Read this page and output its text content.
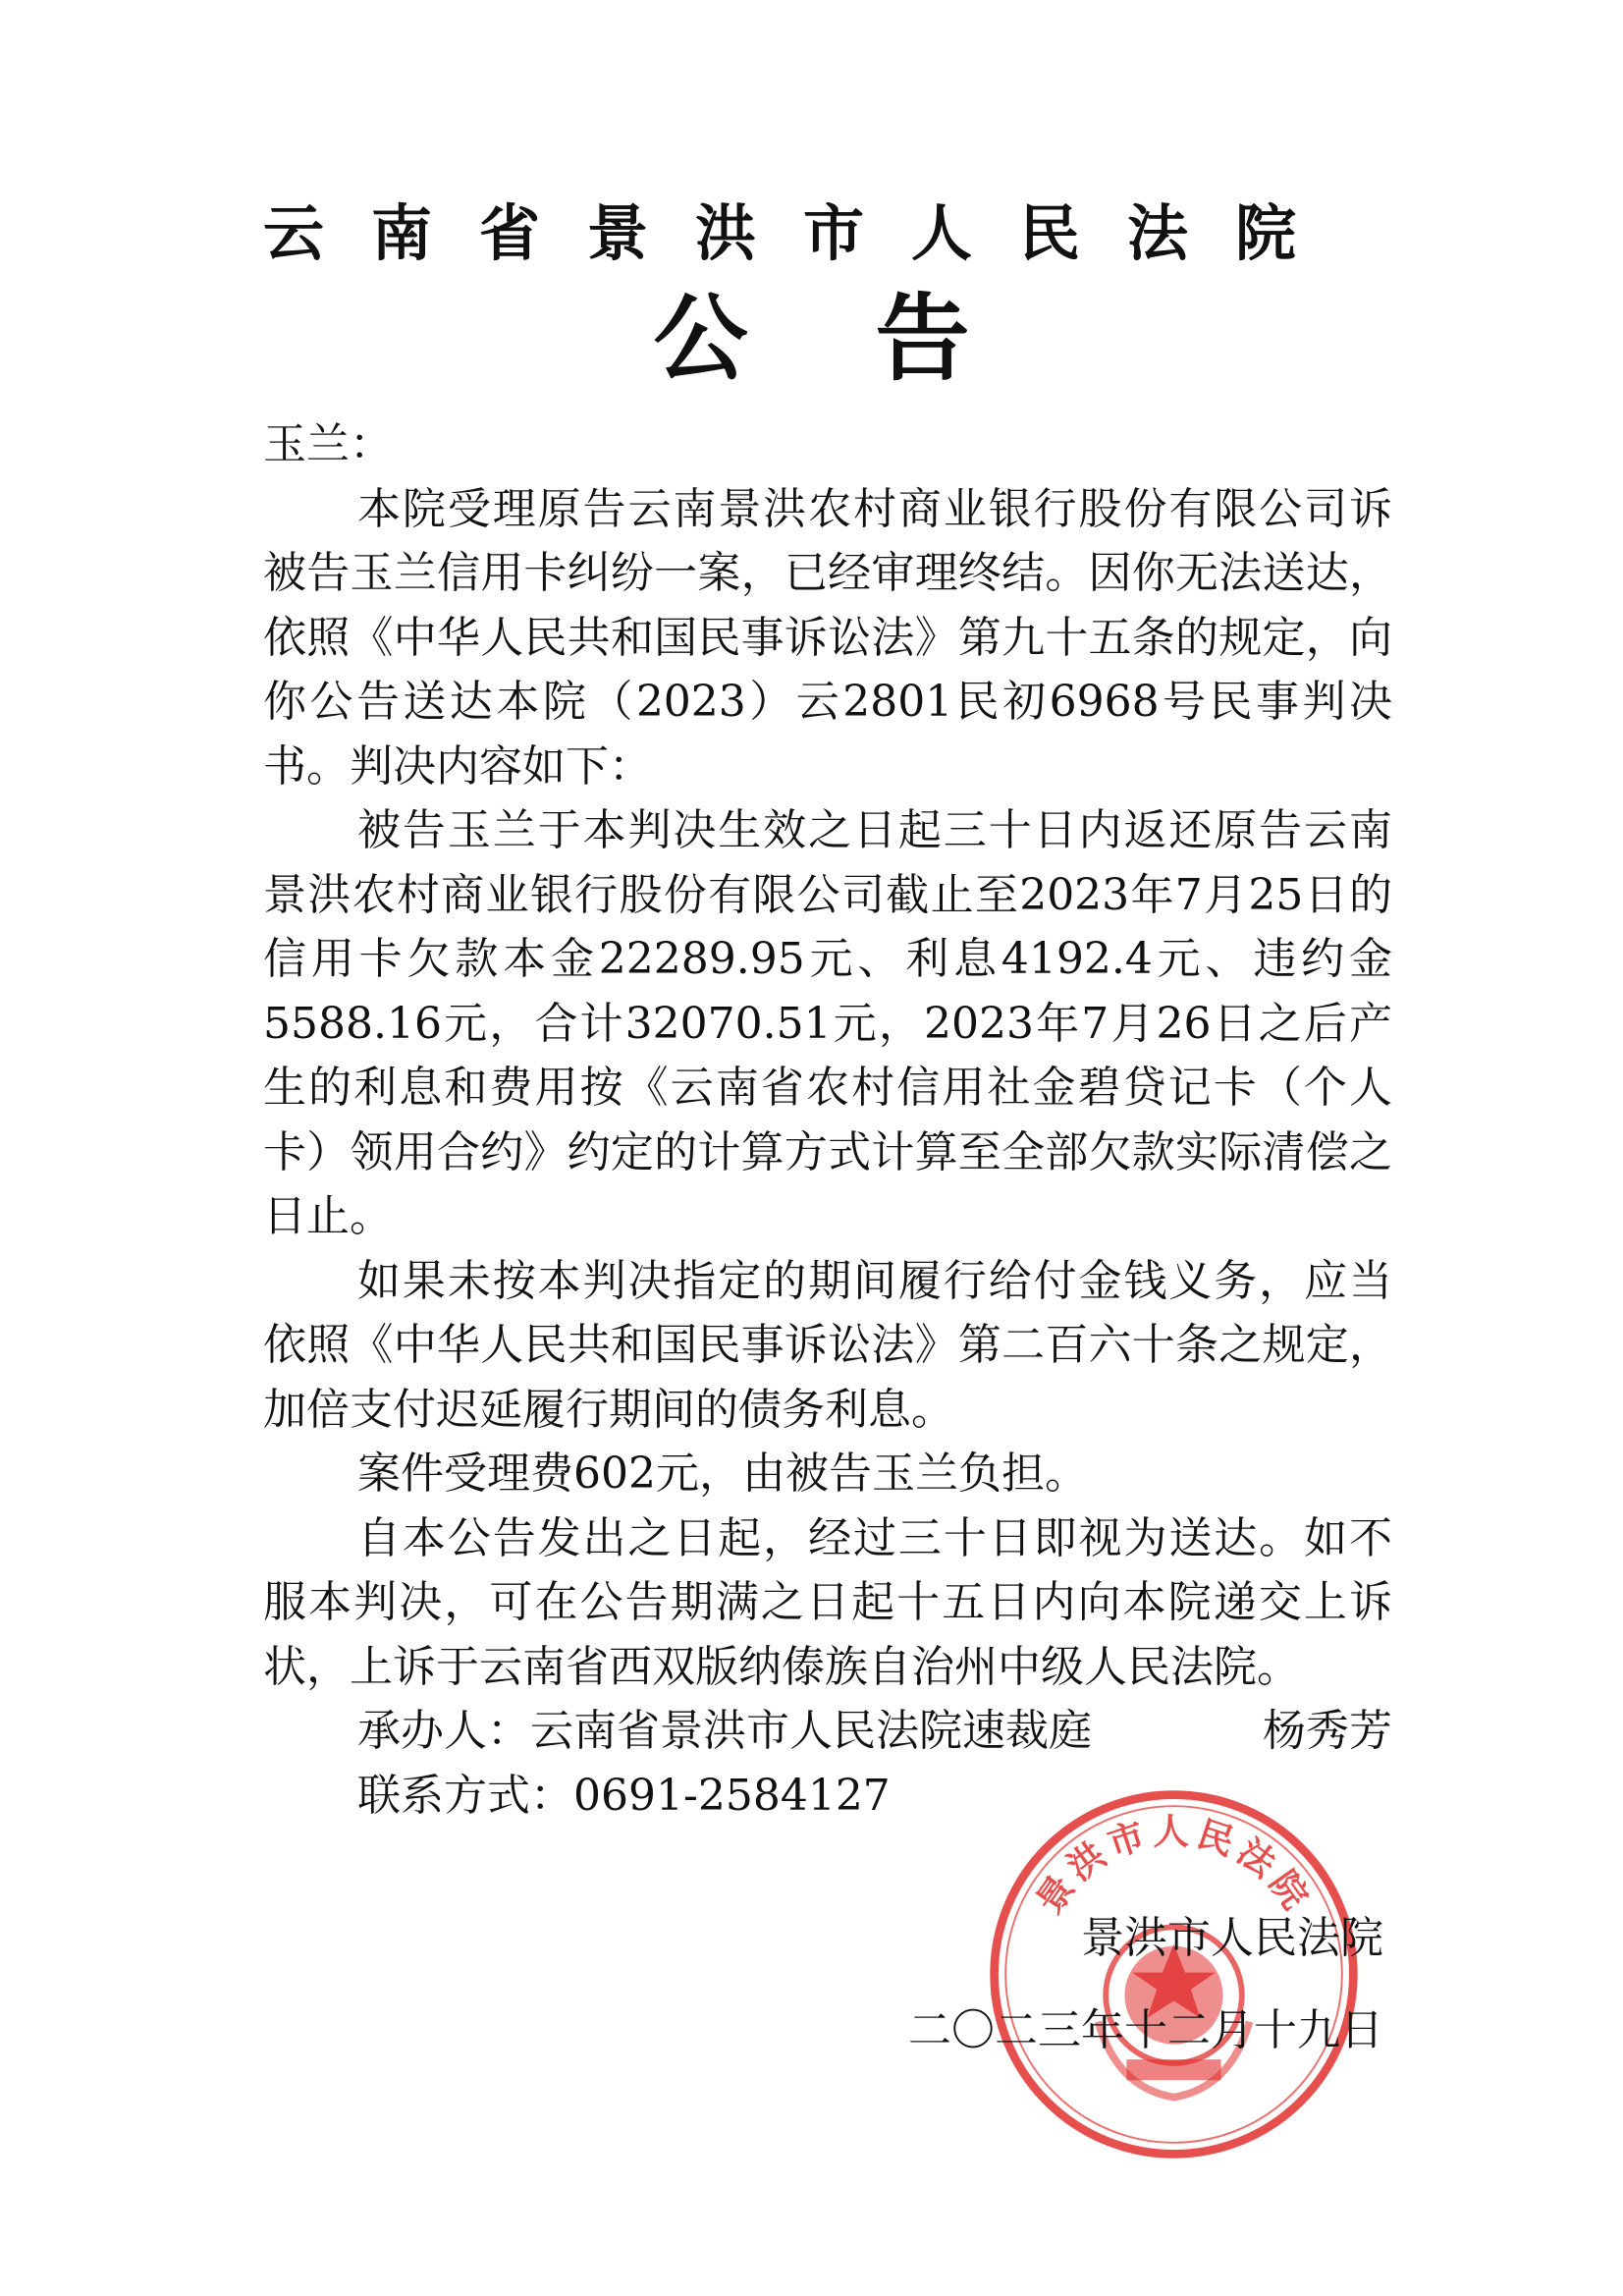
云南省景洪市人民法院
公告

玉兰：

本院受理原告云南景洪农村商业银行股份有限公司诉被告玉兰信用卡纠纷一案，已经审理终结。因你无法送达，依照《中华人民共和国民事诉讼法》第九十五条的规定，向你公告送达本院（2023）云2801民初6968号民事判决书。判决内容如下：

被告玉兰于本判决生效之日起三十日内返还原告云南景洪农村商业银行股份有限公司截止至2023年7月25日的信用卡欠款本金22289.95元、利息4192.4元、违约金5588.16元，合计32070.51元，2023年7月26日之后产生的利息和费用按《云南省农村信用社金碧贷记卡（个人卡）领用合约》约定的计算方式计算至全部欠款实际清偿之日止。

如果未按本判决指定的期间履行给付金钱义务，应当依照《中华人民共和国民事诉讼法》第二百六十条之规定，加倍支付迟延履行期间的债务利息。

案件受理费602元，由被告玉兰负担。

自本公告发出之日起，经过三十日即视为送达。如不服本判决，可在公告期满之日起十五日内向本院递交上诉状，上诉于云南省西双版纳傣族自治州中级人民法院。

承办人：云南省景洪市人民法院速裁庭	杨秀芳

联系方式：0691-2584127

景洪市人民法院
景洪市人民法院
二〇二三年十二月十九日
